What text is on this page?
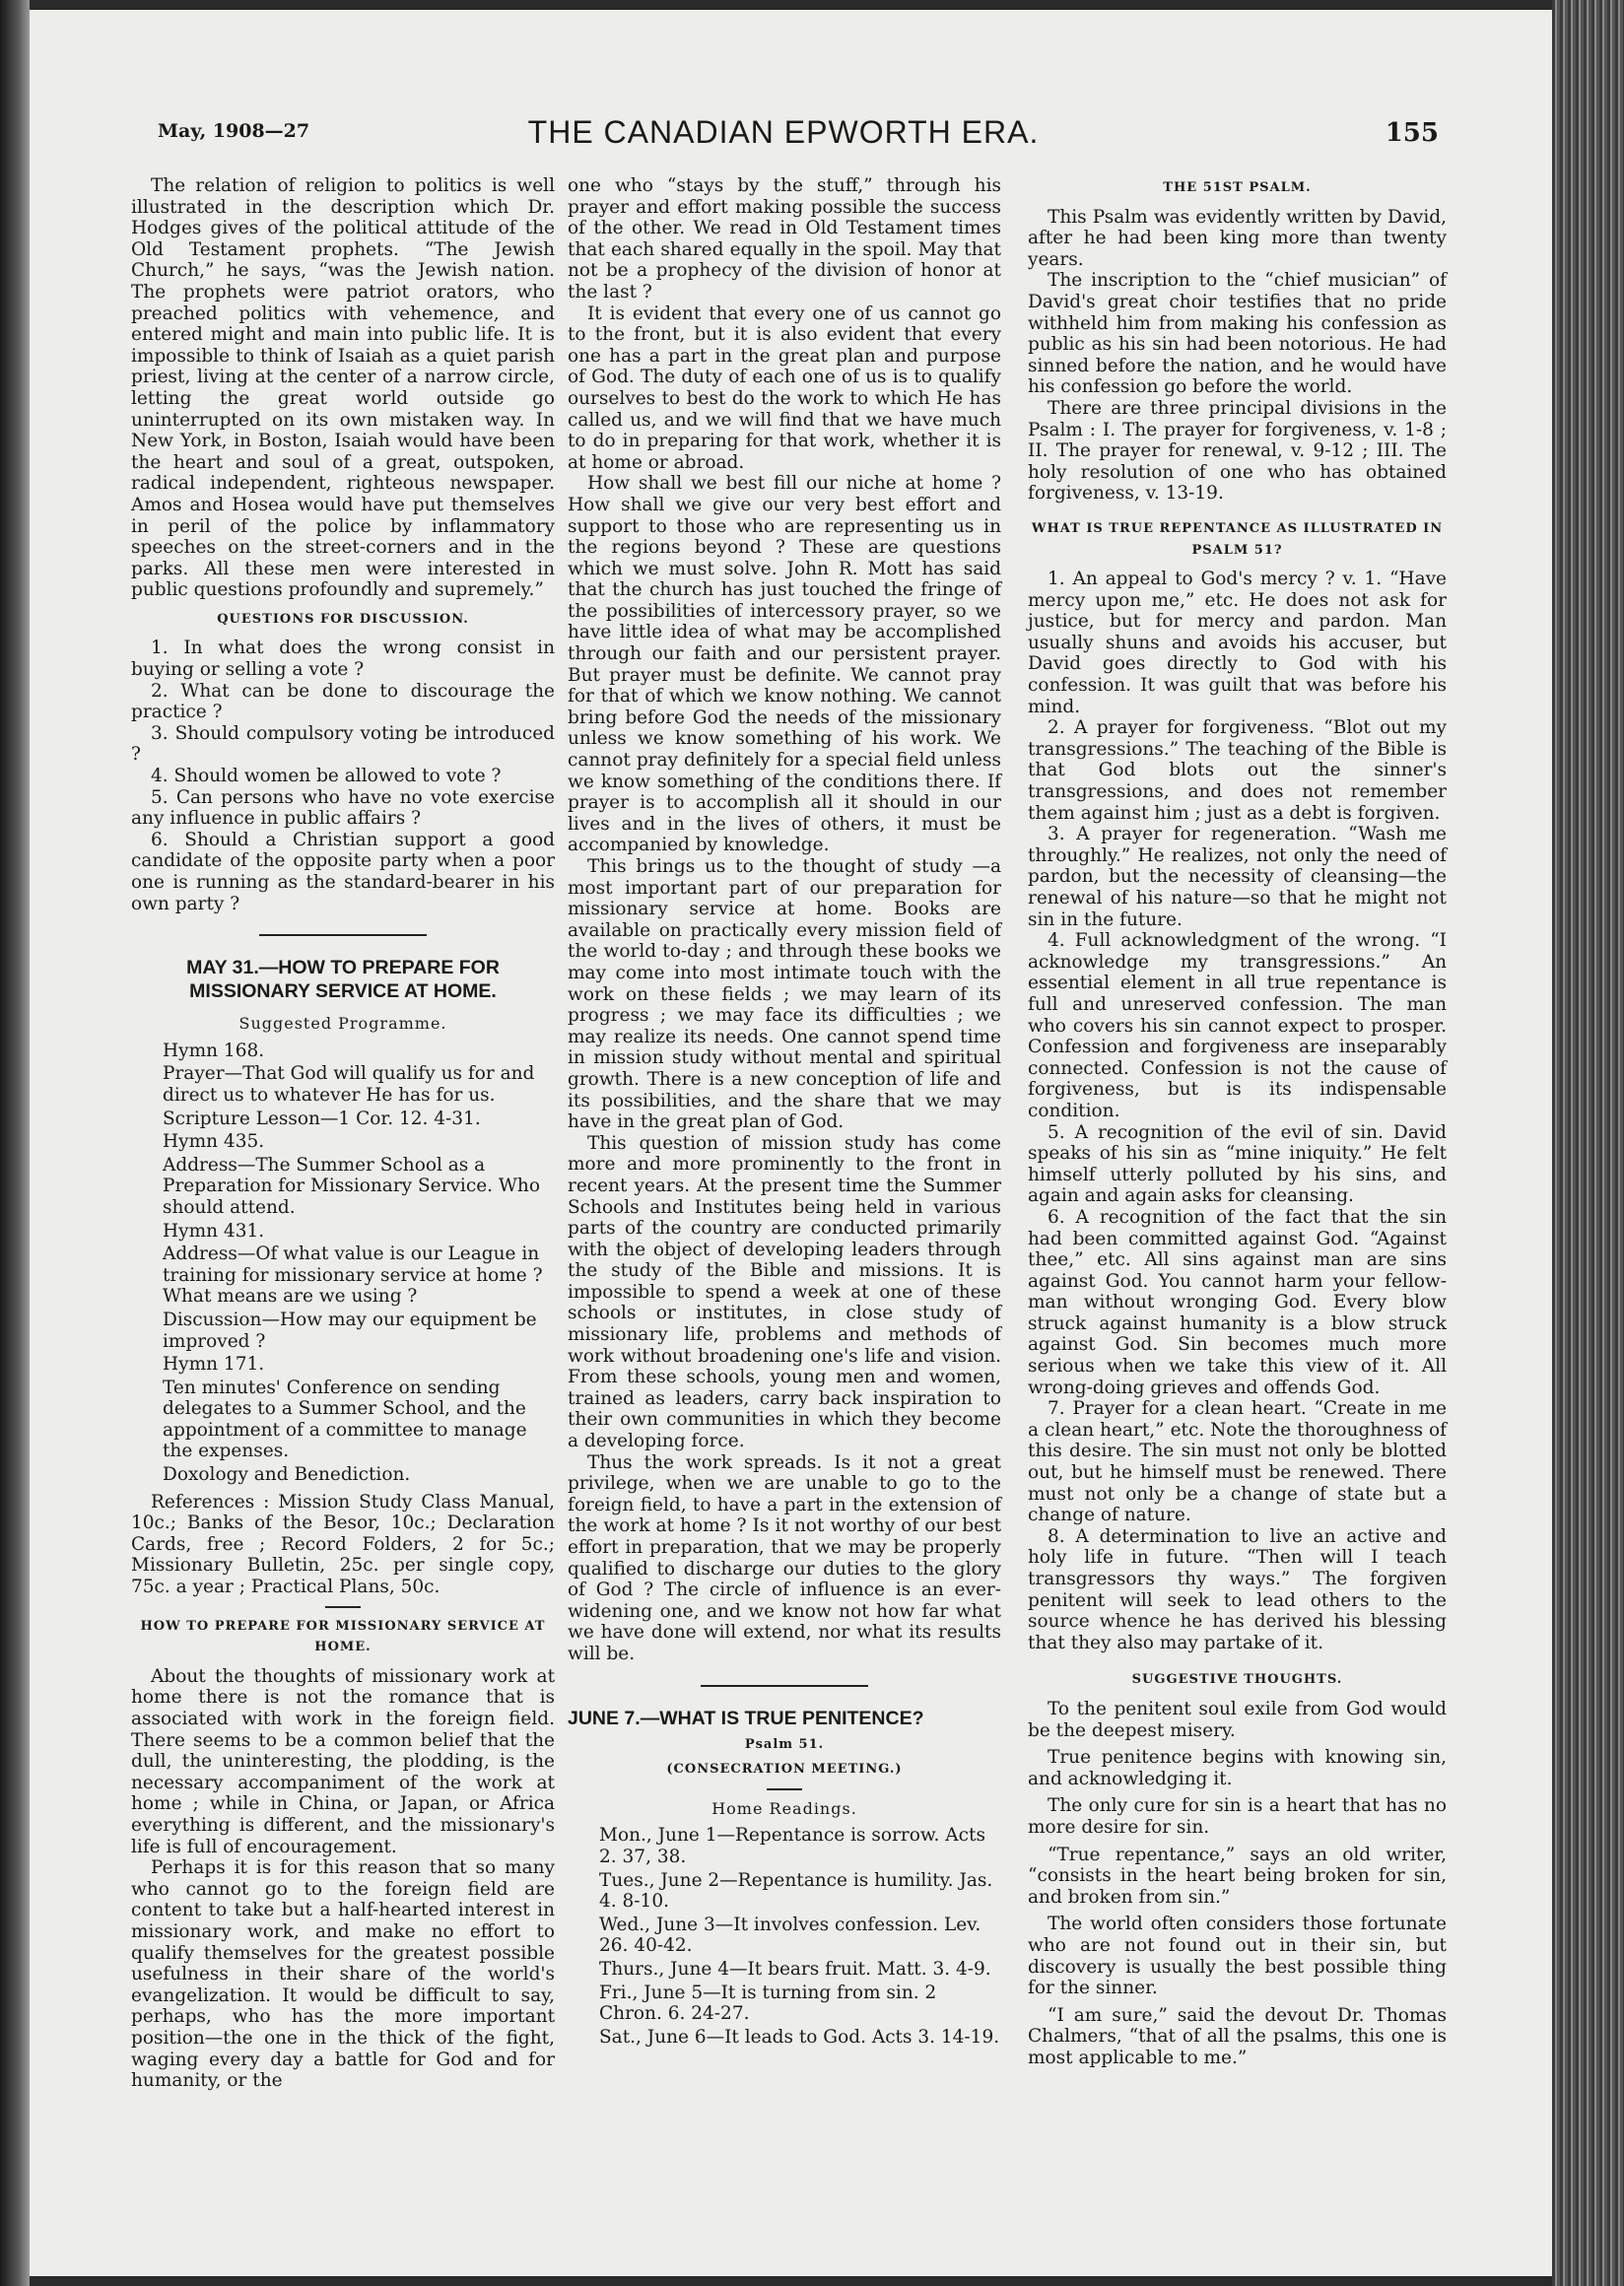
May, 1908—27	THE CANADIAN EPWORTH ERA.	155

The relation of religion to politics is well illustrated in the description which Dr. Hodges gives of the political attitude of the Old Testament prophets. “The Jewish Church,” he says, “was the Jewish nation. The prophets were patriot orators, who preached politics with vehemence, and entered might and main into public life. It is impossible to think of Isaiah as a quiet parish priest, living at the center of a narrow circle, letting the great world outside go uninterrupted on its own mistaken way. In New York, in Boston, Isaiah would have been the heart and soul of a great, outspoken, radical independent, righteous newspaper. Amos and Hosea would have put themselves in peril of the police by inflammatory speeches on the street-corners and in the parks. All these men were interested in public questions profoundly and supremely.”

QUESTIONS FOR DISCUSSION.

1. In what does the wrong consist in buying or selling a vote ?

2. What can be done to discourage the practice ?

3. Should compulsory voting be introduced ?

4. Should women be allowed to vote ?

5. Can persons who have no vote exercise any influence in public affairs ?

6. Should a Christian support a good candidate of the opposite party when a poor one is running as the standard-bearer in his own party ?

MAY 31.—HOW TO PREPARE FOR MISSIONARY SERVICE AT HOME.
Suggested Programme.
Hymn 168.
Prayer—That God will qualify us for and direct us to whatever He has for us.
Scripture Lesson—1 Cor. 12. 4-31.
Hymn 435.
Address—The Summer School as a Preparation for Missionary Service. Who should attend.
Hymn 431.
Address—Of what value is our League in training for missionary service at home ? What means are we using ?
Discussion—How may our equipment be improved ?
Hymn 171.
Ten minutes' Conference on sending delegates to a Summer School, and the appointment of a committee to manage the expenses.
Doxology and Benediction.

References : Mission Study Class Manual, 10c.; Banks of the Besor, 10c.; Declaration Cards, free ; Record Folders, 2 for 5c.; Missionary Bulletin, 25c. per single copy, 75c. a year ; Practical Plans, 50c.

HOW TO PREPARE FOR MISSIONARY SERVICE AT HOME.

About the thoughts of missionary work at home there is not the romance that is associated with work in the foreign field. There seems to be a common belief that the dull, the uninteresting, the plodding, is the necessary accompaniment of the work at home ; while in China, or Japan, or Africa everything is different, and the missionary's life is full of encouragement.

Perhaps it is for this reason that so many who cannot go to the foreign field are content to take but a half-hearted interest in missionary work, and make no effort to qualify themselves for the greatest possible usefulness in their share of the world's evangelization. It would be difficult to say, perhaps, who has the more important position—the one in the thick of the fight, waging every day a battle for God and for humanity, or the

one who “stays by the stuff,” through his prayer and effort making possible the success of the other. We read in Old Testament times that each shared equally in the spoil. May that not be a prophecy of the division of honor at the last ?

It is evident that every one of us cannot go to the front, but it is also evident that every one has a part in the great plan and purpose of God. The duty of each one of us is to qualify ourselves to best do the work to which He has called us, and we will find that we have much to do in preparing for that work, whether it is at home or abroad.

How shall we best fill our niche at home ? How shall we give our very best effort and support to those who are representing us in the regions beyond ? These are questions which we must solve. John R. Mott has said that the church has just touched the fringe of the possibilities of intercessory prayer, so we have little idea of what may be accomplished through our faith and our persistent prayer. But prayer must be definite. We cannot pray for that of which we know nothing. We cannot bring before God the needs of the missionary unless we know something of his work. We cannot pray definitely for a special field unless we know something of the conditions there. If prayer is to accomplish all it should in our lives and in the lives of others, it must be accompanied by knowledge.

This brings us to the thought of study —a most important part of our preparation for missionary service at home. Books are available on practically every mission field of the world to-day ; and through these books we may come into most intimate touch with the work on these fields ; we may learn of its progress ; we may face its difficulties ; we may realize its needs. One cannot spend time in mission study without mental and spiritual growth. There is a new conception of life and its possibilities, and the share that we may have in the great plan of God.

This question of mission study has come more and more prominently to the front in recent years. At the present time the Summer Schools and Institutes being held in various parts of the country are conducted primarily with the object of developing leaders through the study of the Bible and missions. It is impossible to spend a week at one of these schools or institutes, in close study of missionary life, problems and methods of work without broadening one's life and vision. From these schools, young men and women, trained as leaders, carry back inspiration to their own communities in which they become a developing force.

Thus the work spreads. Is it not a great privilege, when we are unable to go to the foreign field, to have a part in the extension of the work at home ? Is it not worthy of our best effort in preparation, that we may be properly qualified to discharge our duties to the glory of God ? The circle of influence is an ever-widening one, and we know not how far what we have done will extend, nor what its results will be.

JUNE 7.—WHAT IS TRUE PENITENCE?
Psalm 51.
(CONSECRATION MEETING.)
Home Readings.
Mon., June 1—Repentance is sorrow. Acts 2. 37, 38.
Tues., June 2—Repentance is humility. Jas. 4. 8-10.
Wed., June 3—It involves confession. Lev. 26. 40-42.
Thurs., June 4—It bears fruit. Matt. 3. 4-9.
Fri., June 5—It is turning from sin. 2 Chron. 6. 24-27.
Sat., June 6—It leads to God. Acts 3. 14-19.
THE 51ST PSALM.

This Psalm was evidently written by David, after he had been king more than twenty years.

The inscription to the “chief musician” of David's great choir testifies that no pride withheld him from making his confession as public as his sin had been notorious. He had sinned before the nation, and he would have his confession go before the world.

There are three principal divisions in the Psalm : I. The prayer for forgiveness, v. 1-8 ; II. The prayer for renewal, v. 9-12 ; III. The holy resolution of one who has obtained forgiveness, v. 13-19.

WHAT IS TRUE REPENTANCE AS ILLUSTRATED IN PSALM 51?

1. An appeal to God's mercy ? v. 1. “Have mercy upon me,” etc. He does not ask for justice, but for mercy and pardon. Man usually shuns and avoids his accuser, but David goes directly to God with his confession. It was guilt that was before his mind.

2. A prayer for forgiveness. “Blot out my transgressions.” The teaching of the Bible is that God blots out the sinner's transgressions, and does not remember them against him ; just as a debt is forgiven.

3. A prayer for regeneration. “Wash me throughly.” He realizes, not only the need of pardon, but the necessity of cleansing—the renewal of his nature—so that he might not sin in the future.

4. Full acknowledgment of the wrong. “I acknowledge my transgressions.” An essential element in all true repentance is full and unreserved confession. The man who covers his sin cannot expect to prosper. Confession and forgiveness are inseparably connected. Confession is not the cause of forgiveness, but is its indispensable condition.

5. A recognition of the evil of sin. David speaks of his sin as “mine iniquity.” He felt himself utterly polluted by his sins, and again and again asks for cleansing.

6. A recognition of the fact that the sin had been committed against God. “Against thee,” etc. All sins against man are sins against God. You cannot harm your fellow-man without wronging God. Every blow struck against humanity is a blow struck against God. Sin becomes much more serious when we take this view of it. All wrong-doing grieves and offends God.

7. Prayer for a clean heart. “Create in me a clean heart,” etc. Note the thoroughness of this desire. The sin must not only be blotted out, but he himself must be renewed. There must not only be a change of state but a change of nature.

8. A determination to live an active and holy life in future. “Then will I teach transgressors thy ways.” The forgiven penitent will seek to lead others to the source whence he has derived his blessing that they also may partake of it.

SUGGESTIVE THOUGHTS.

To the penitent soul exile from God would be the deepest misery.

True penitence begins with knowing sin, and acknowledging it.

The only cure for sin is a heart that has no more desire for sin.

“True repentance,” says an old writer, “consists in the heart being broken for sin, and broken from sin.”

The world often considers those fortunate who are not found out in their sin, but discovery is usually the best possible thing for the sinner.

“I am sure,” said the devout Dr. Thomas Chalmers, “that of all the psalms, this one is most applicable to me.”
